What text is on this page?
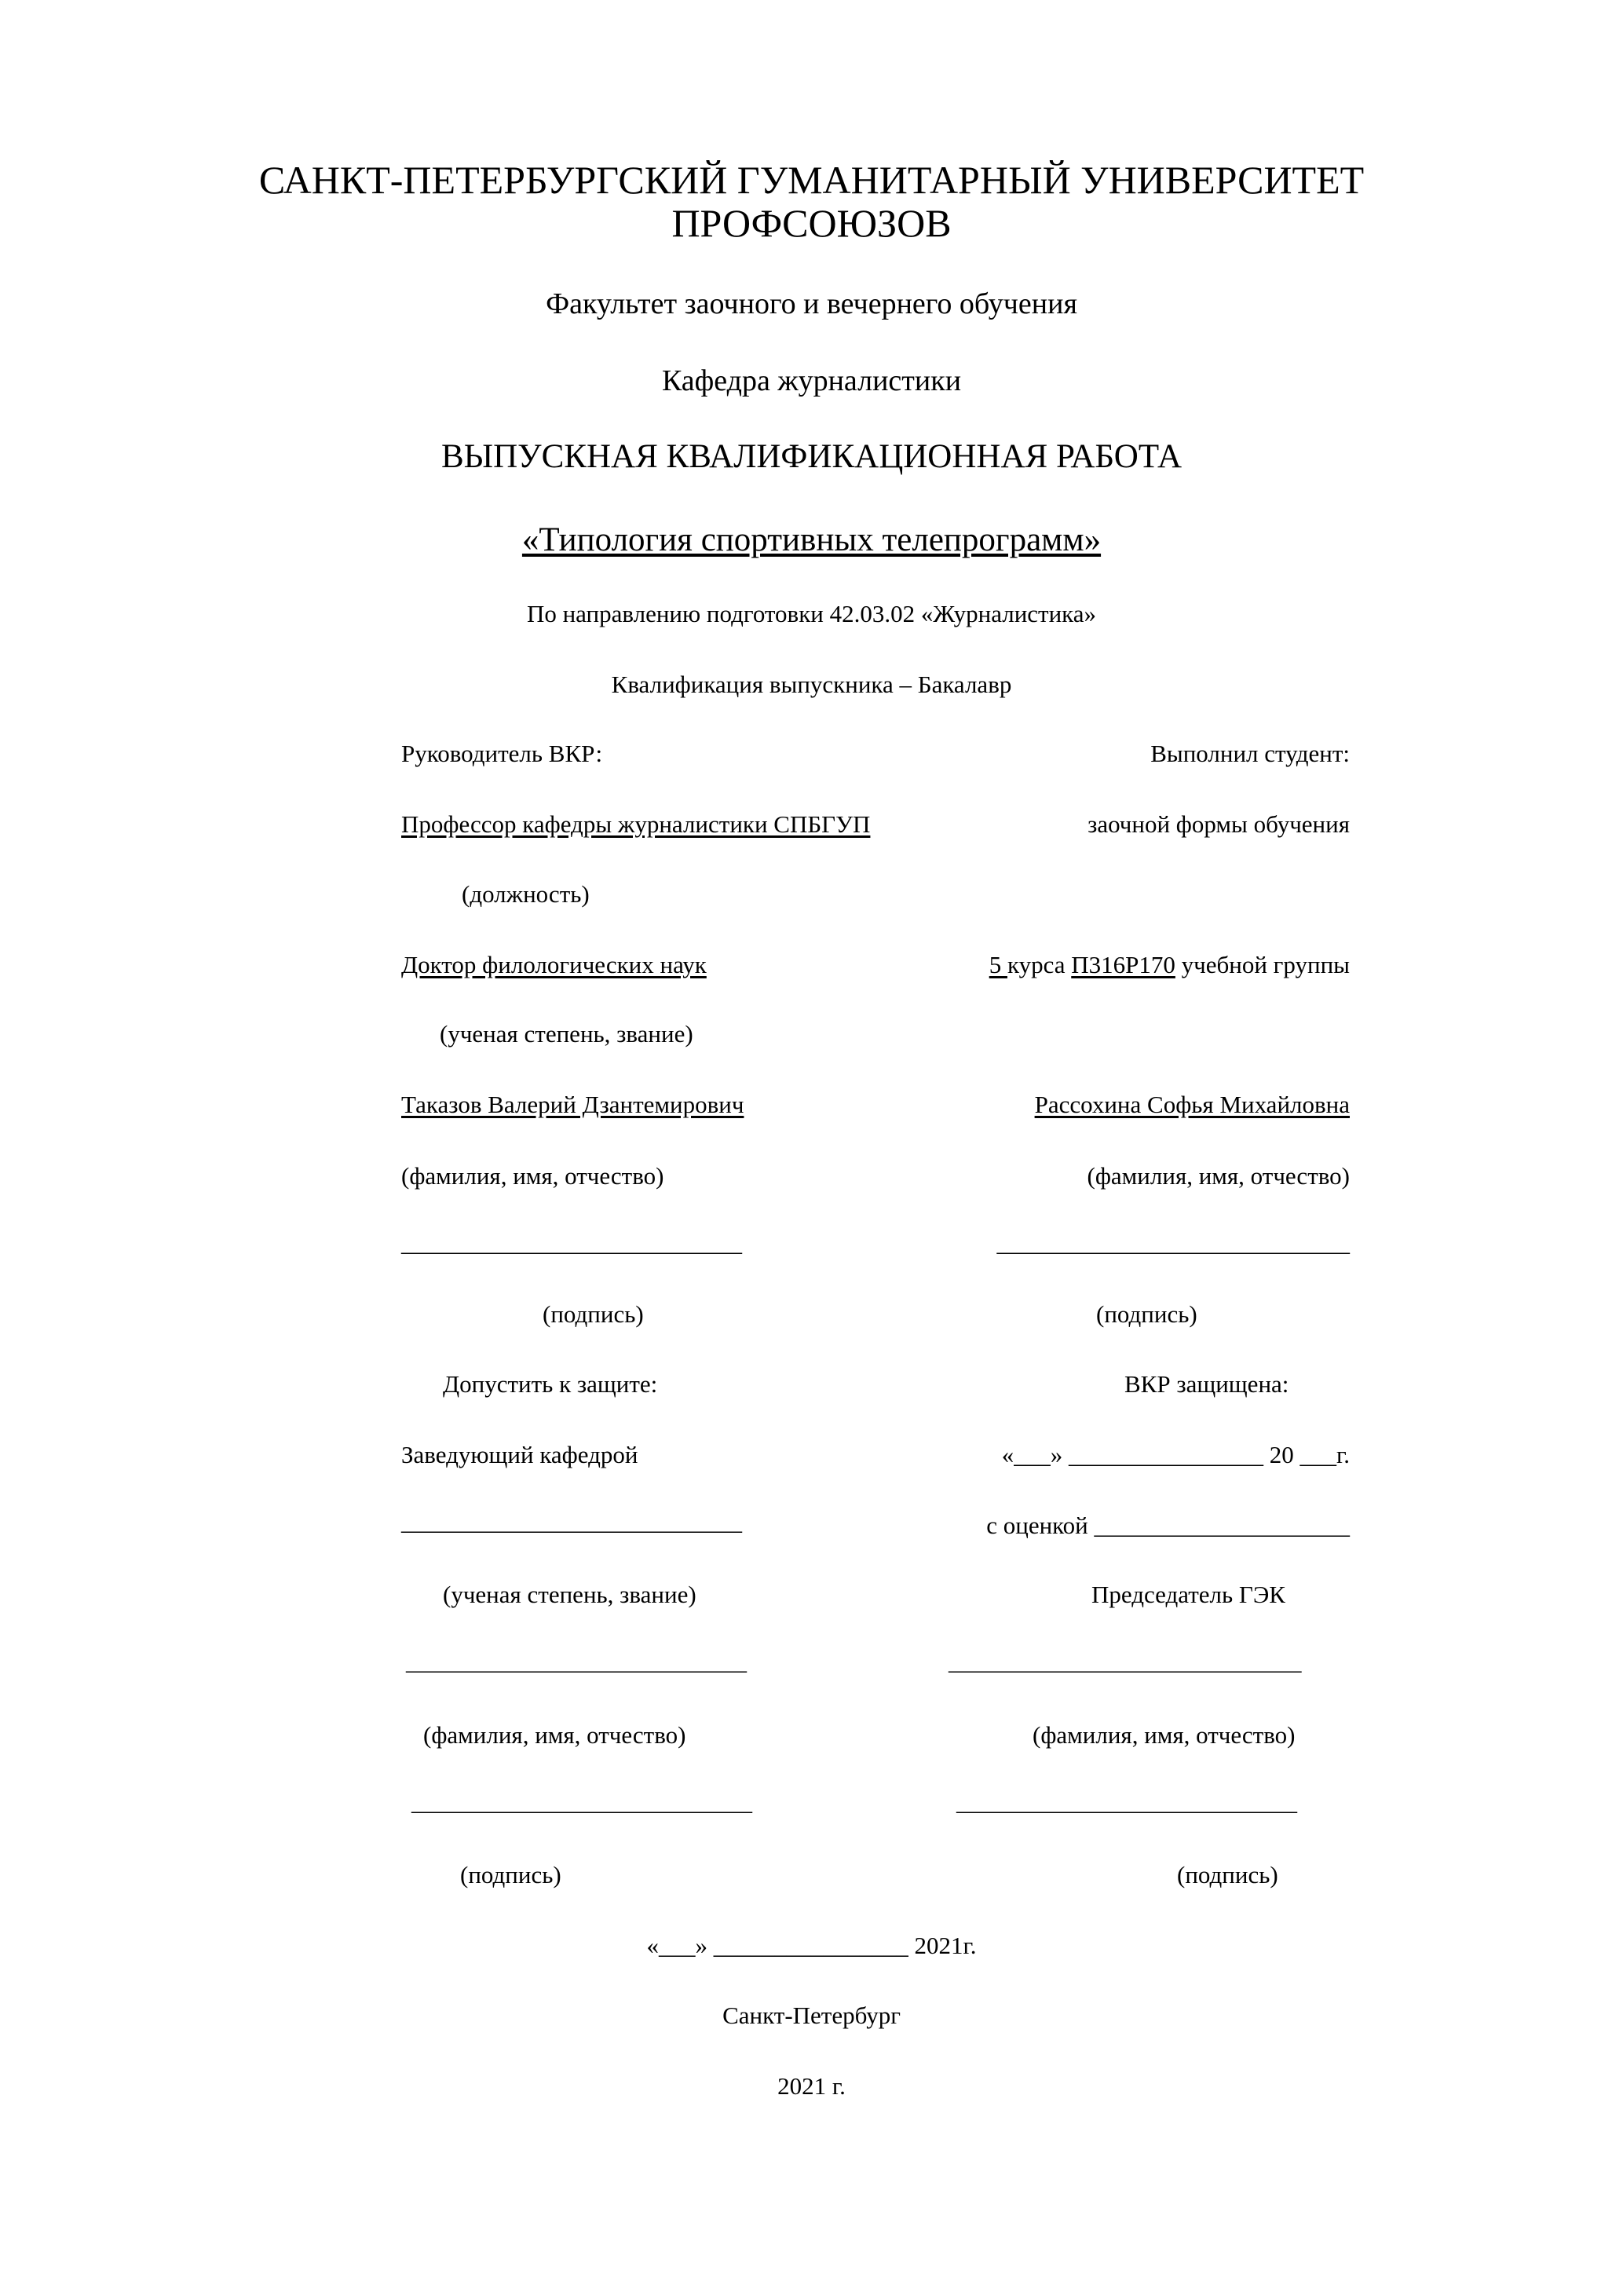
САНКТ-ПЕТЕРБУРГСКИЙ ГУМАНИТАРНЫЙ УНИВЕРСИТЕТ
ПРОФСОЮЗОВ
Факультет заочного и вечернего обучения
Кафедра журналистики
ВЫПУСКНАЯ КВАЛИФИКАЦИОННАЯ РАБОТА
«Типология спортивных телепрограмм»
По направлению подготовки 42.03.02 «Журналистика»
Квалификация выпускника – Бакалавр
Руководитель ВКР:
Профессор кафедры журналистики СПБГУП
(должность)
Доктор филологических наук
(ученая степень, звание)
Таказов Валерий Дзантемирович
(фамилия, имя, отчество)
____________________________
(подпись)
Выполнил студент:
заочной формы обучения
5 курса П316Р170 учебной группы
Рассохина Софья Михайловна
(фамилия, имя, отчество)
_____________________________
(подпись)
Допустить к защите:
Заведующий кафедрой
____________________________
(ученая степень, звание)
____________________________
(фамилия, имя, отчество)
____________________________
(подпись)
ВКР защищена:
«___» ________________ 20 ___г.
с оценкой _____________________
Председатель ГЭК
_____________________________
(фамилия, имя, отчество)
____________________________
(подпись)
«___» ________________ 2021г.
Санкт-Петербург
2021 г.
